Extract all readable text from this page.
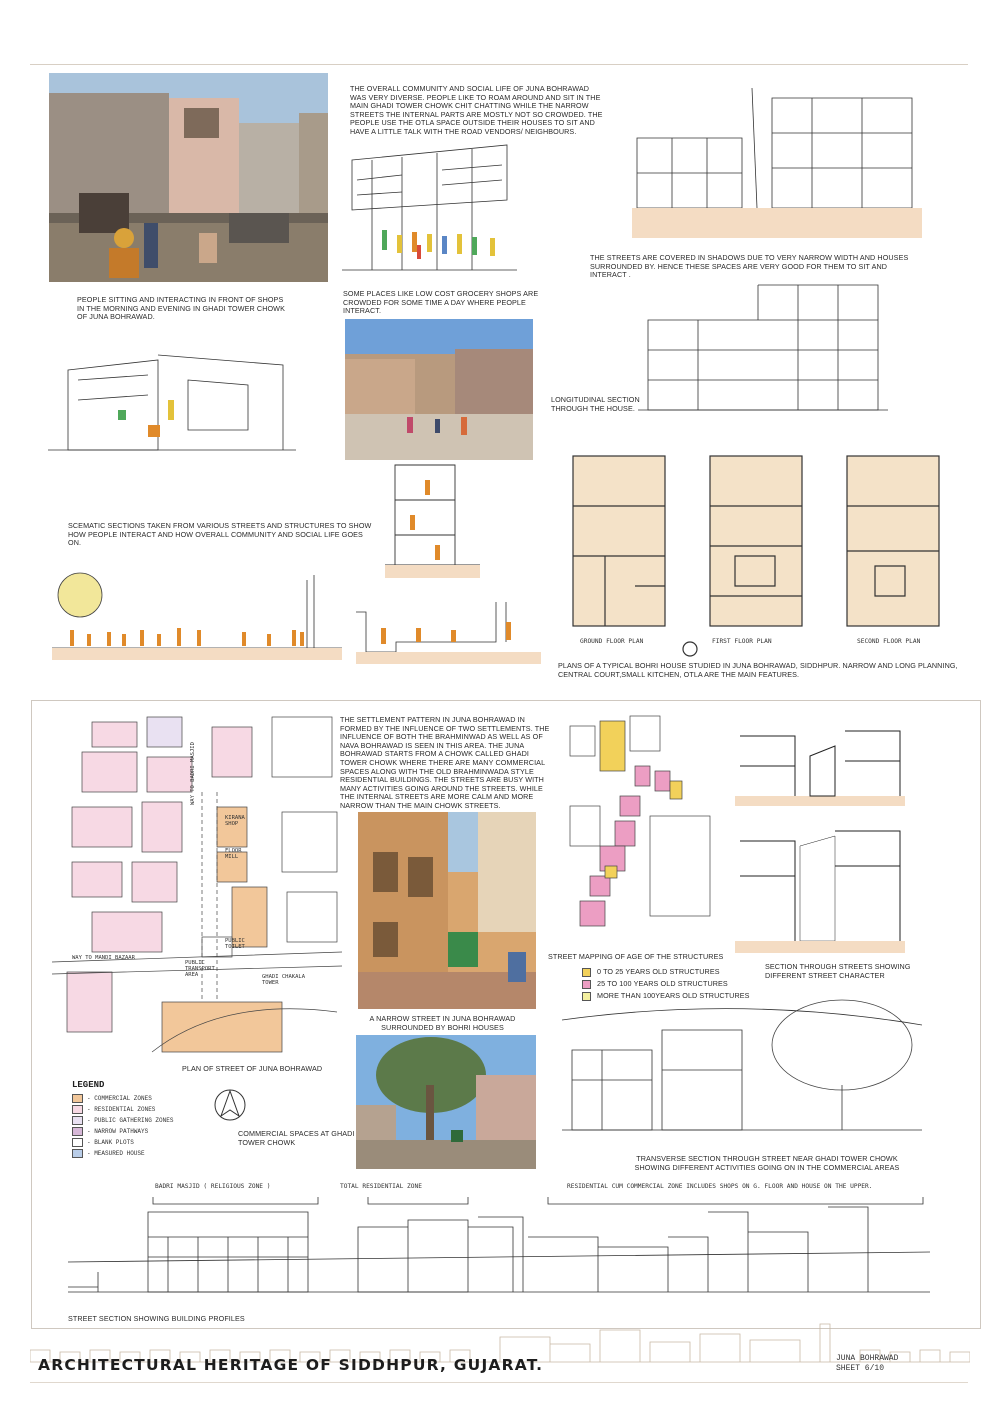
PEOPLE SITTING AND INTERACTING IN FRONT OF SHOPS IN THE MORNING AND EVENING IN GHADI TOWER CHOWK OF JUNA BOHRAWAD.
THE OVERALL COMMUNITY AND SOCIAL LIFE OF JUNA BOHRAWAD WAS VERY DIVERSE. PEOPLE LIKE TO ROAM AROUND AND SIT IN THE MAIN GHADI TOWER CHOWK CHIT CHATTING WHILE THE NARROW STREETS THE INTERNAL PARTS ARE MOSTLY NOT SO CROWDED. THE PEOPLE USE THE OTLA SPACE OUTSIDE THEIR HOUSES TO SIT AND HAVE A LITTLE TALK WITH THE ROAD VENDORS/ NEIGHBOURS.
SOME PLACES LIKE LOW COST GROCERY SHOPS ARE CROWDED FOR SOME TIME A DAY WHERE PEOPLE INTERACT.
SCEMATIC SECTIONS TAKEN FROM VARIOUS STREETS AND STRUCTURES TO SHOW HOW PEOPLE INTERACT AND HOW OVERALL COMMUNITY AND SOCIAL LIFE GOES ON.
THE STREETS ARE COVERED IN SHADOWS DUE TO VERY NARROW WIDTH AND HOUSES SURROUNDED BY. HENCE THESE SPACES ARE VERY GOOD FOR THEM TO SIT AND INTERACT .
LONGITUDINAL SECTION THROUGH THE HOUSE.
GROUND FLOOR PLAN	FIRST FLOOR PLAN	SECOND FLOOR PLAN
PLANS OF A TYPICAL BOHRI HOUSE STUDIED IN JUNA BOHRAWAD, SIDDHPUR. NARROW AND LONG PLANNING, CENTRAL COURT,SMALL KITCHEN, OTLA ARE THE MAIN FEATURES.
WAY TO BADRI MASJID
WAY TO MANDI BAZAAR
GHADI CHAKALA TOWER
FLOOR MILL
KIRANA SHOP
PUBLIC TOILET
PUBLIC TRANSPORT AREA
PLAN OF STREET OF JUNA BOHRAWAD
LEGEND
- COMMERCIAL ZONES
- RESIDENTIAL ZONES
- PUBLIC GATHERING ZONES
- NARROW PATHWAYS
- BLANK PLOTS
- MEASURED HOUSE
THE SETTLEMENT PATTERN IN JUNA BOHRAWAD IN FORMED BY THE INFLUENCE OF TWO SETTLEMENTS. THE INFLUENCE OF BOTH THE BRAHMINWAD AS WELL AS OF NAVA BOHRAWAD IS SEEN IN THIS AREA. THE JUNA BOHRAWAD STARTS FROM A CHOWK CALLED GHADI TOWER CHOWK WHERE THERE ARE MANY COMMERCIAL SPACES ALONG WITH THE OLD BRAHMINWADA STYLE RESIDENTIAL BUILDINGS. THE STREETS ARE BUSY WITH MANY ACTIVITIES GOING AROUND THE STREETS. WHILE THE INTERNAL STREETS ARE MORE CALM AND MORE NARROW THAN THE MAIN CHOWK STREETS.
A NARROW STREET IN JUNA BOHRAWAD SURROUNDED BY BOHRI HOUSES
COMMERCIAL SPACES AT GHADI TOWER CHOWK
STREET MAPPING OF AGE OF THE STRUCTURES
0 TO 25 YEARS OLD STRUCTURES
25 TO 100 YEARS OLD STRUCTURES
MORE THAN 100YEARS OLD STRUCTURES
SECTION THROUGH STREETS SHOWING DIFFERENT STREET CHARACTER
TRANSVERSE SECTION THROUGH STREET NEAR GHADI TOWER CHOWK SHOWING DIFFERENT ACTIVITIES GOING ON IN THE COMMERCIAL AREAS
BADRI MASJID ( RELIGIOUS ZONE )	TOTAL RESIDENTIAL ZONE	RESIDENTIAL CUM COMMERCIAL ZONE INCLUDES SHOPS ON G. FLOOR AND HOUSE ON THE UPPER.
STREET SECTION SHOWING BUILDING PROFILES
ARCHITECTURAL HERITAGE OF SIDDHPUR, GUJARAT.	JUNA BOHRAWAD
SHEET 6/10
